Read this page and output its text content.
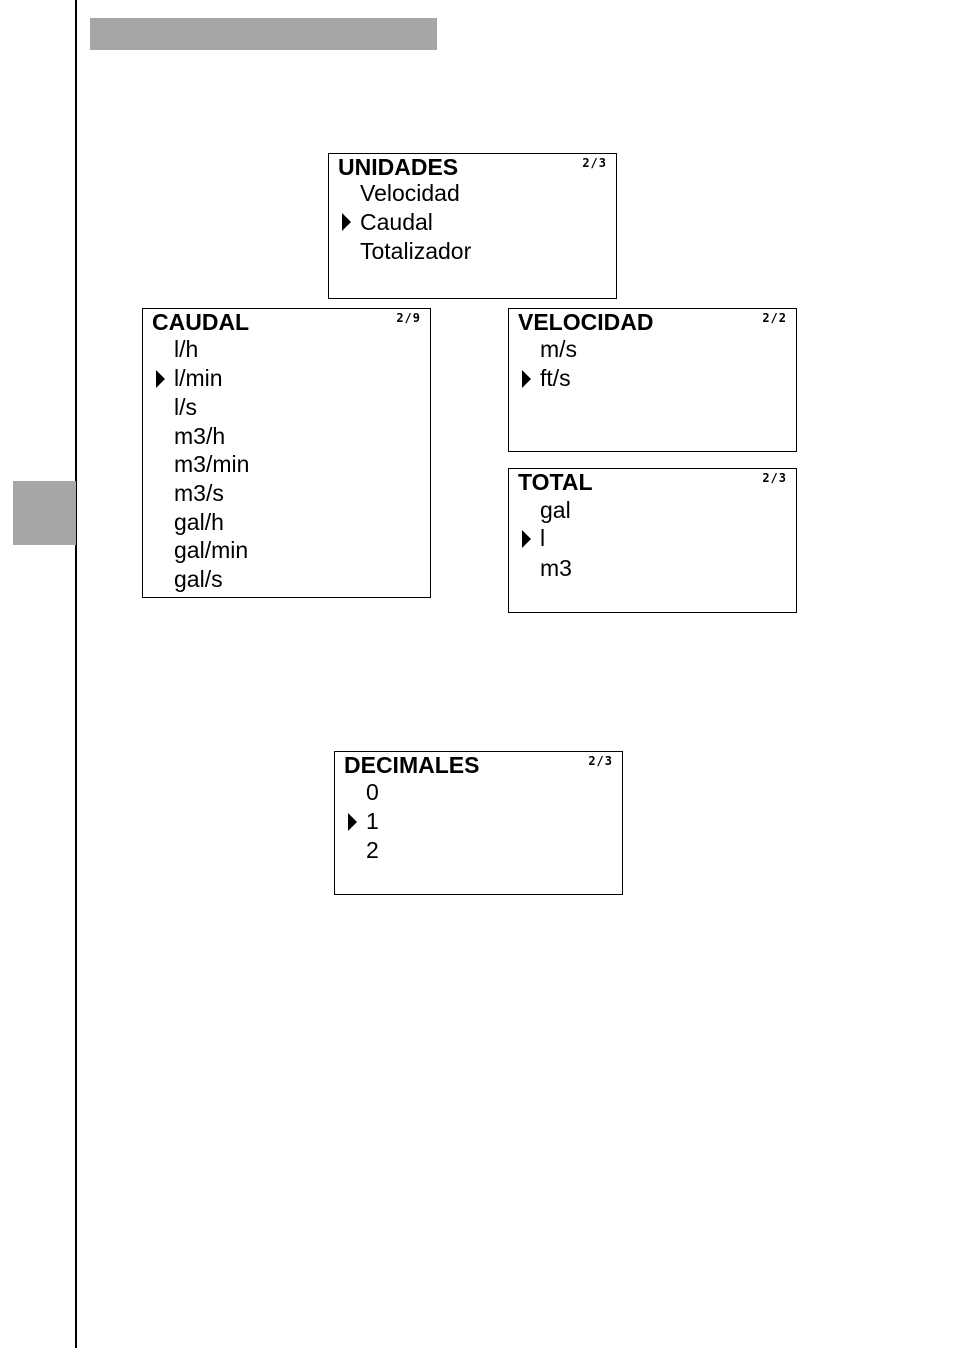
UNIDADES	2/3
Velocidad
Caudal
Totalizador
CAUDAL	2/9
l/h
l/min
l/s
m3/h
m3/min
m3/s
gal/h
gal/min
gal/s
VELOCIDAD	2/2
m/s
ft/s
TOTAL	2/3
gal
l
m3
DECIMALES	2/3
0
1
2
